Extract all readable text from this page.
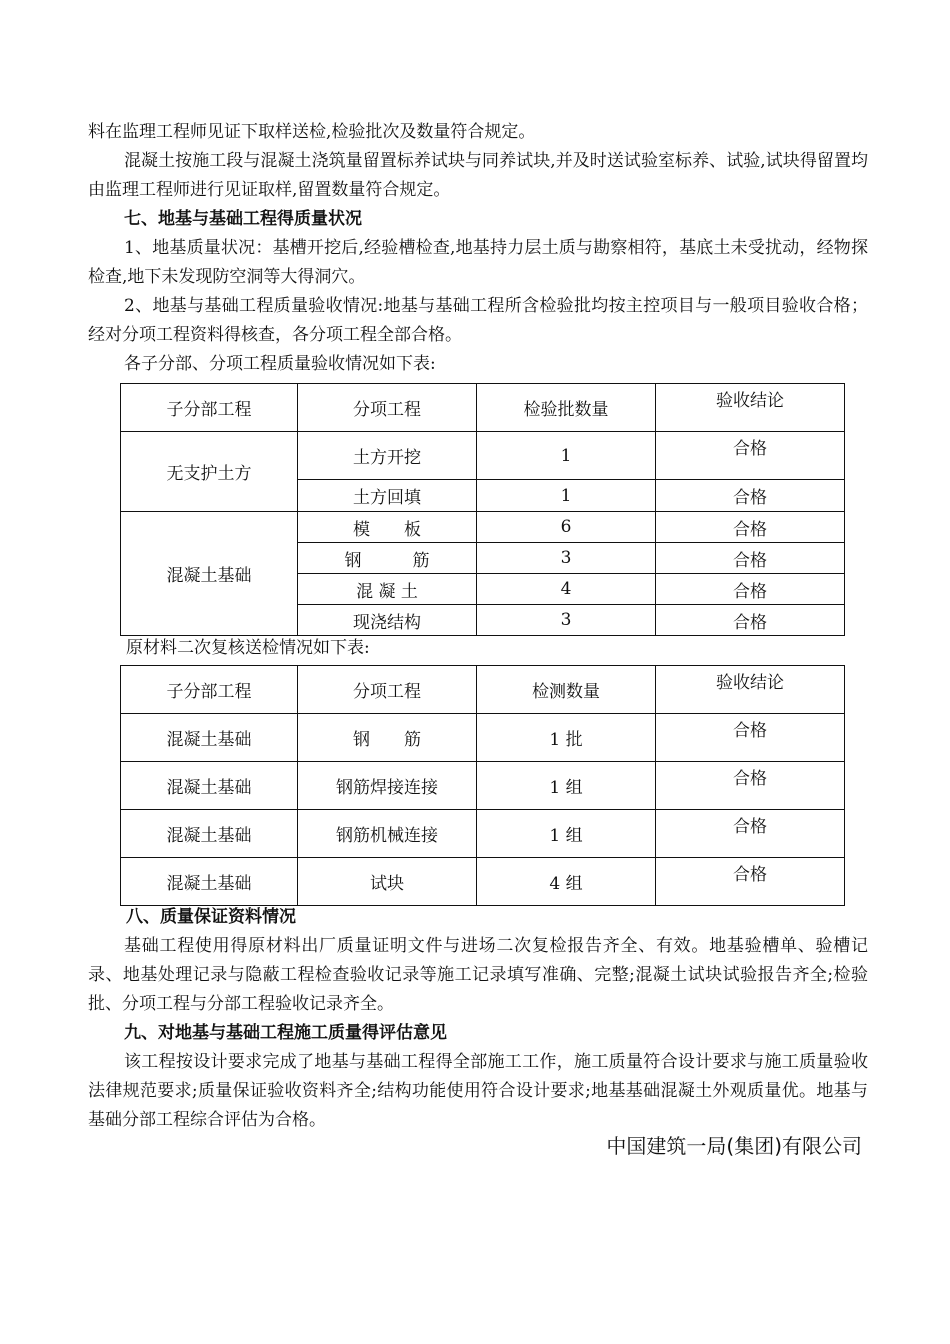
料在监理工程师见证下取样送检,检验批次及数量符合规定。

混凝土按施工段与混凝土浇筑量留置标养试块与同养试块,并及时送试验室标养、试验,试块得留置均由监理工程师进行见证取样,留置数量符合规定。

七、地基与基础工程得质量状况

1、地基质量状况：基槽开挖后,经验槽检查,地基持力层土质与勘察相符，基底土未受扰动，经物探检查,地下未发现防空洞等大得洞穴。

2、地基与基础工程质量验收情况:地基与基础工程所含检验批均按主控项目与一般项目验收合格；经对分项工程资料得核查，各分项工程全部合格。

各子分部、分项工程质量验收情况如下表:

子分部工程	分项工程	检验批数量	验收结论
无支护土方	土方开挖	1	合格
	土方回填	1	合格
混凝土基础	模　　板	6	合格
	钢　　　筋	3	合格
	混 凝 土	4	合格
	现浇结构	3	合格

原材料二次复核送检情况如下表:

子分部工程	分项工程	检测数量	验收结论
混凝土基础	钢　　筋	1 批	合格
混凝土基础	钢筋焊接连接	1 组	合格
混凝土基础	钢筋机械连接	1 组	合格
混凝土基础	试块	4 组	合格

八、质量保证资料情况

基础工程使用得原材料出厂质量证明文件与进场二次复检报告齐全、有效。地基验槽单、验槽记录、地基处理记录与隐蔽工程检查验收记录等施工记录填写准确、完整;混凝土试块试验报告齐全;检验批、分项工程与分部工程验收记录齐全。

九、对地基与基础工程施工质量得评估意见

该工程按设计要求完成了地基与基础工程得全部施工工作，施工质量符合设计要求与施工质量验收法律规范要求;质量保证验收资料齐全;结构功能使用符合设计要求;地基基础混凝土外观质量优。地基与基础分部工程综合评估为合格。

中国建筑一局(集团)有限公司
